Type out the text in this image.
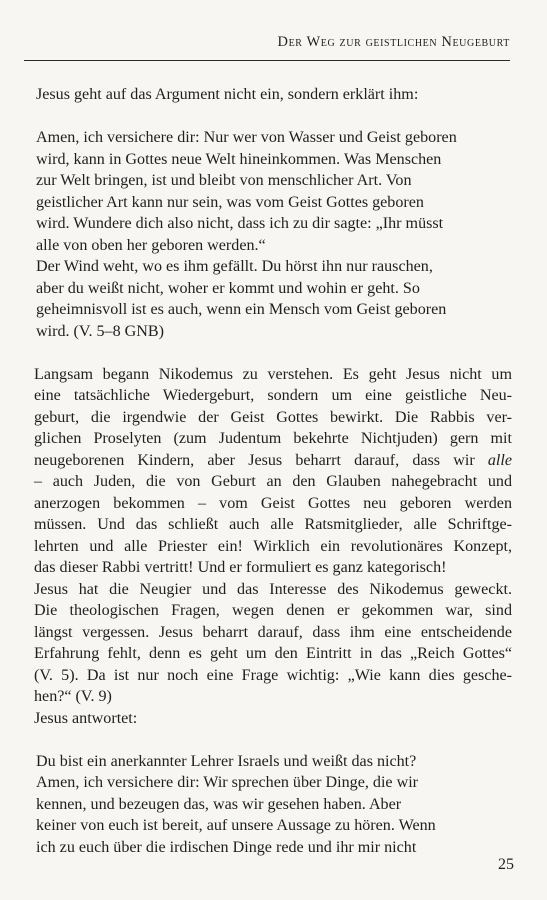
Der Weg zur geistlichen Neugeburt
Jesus geht auf das Argument nicht ein, sondern erklärt ihm:
Amen, ich versichere dir: Nur wer von Wasser und Geist geboren
wird, kann in Gottes neue Welt hineinkommen. Was Menschen
zur Welt bringen, ist und bleibt von menschlicher Art. Von
geistlicher Art kann nur sein, was vom Geist Gottes geboren
wird. Wundere dich also nicht, dass ich zu dir sagte: „Ihr müsst
alle von oben her geboren werden.“
Der Wind weht, wo es ihm gefällt. Du hörst ihn nur rauschen,
aber du weißt nicht, woher er kommt und wohin er geht. So
geheimnisvoll ist es auch, wenn ein Mensch vom Geist geboren
wird. (V. 5–8 GNB)
Langsam begann Nikodemus zu verstehen. Es geht Jesus nicht um
eine tatsächliche Wiedergeburt, sondern um eine geistliche Neu-
geburt, die irgendwie der Geist Gottes bewirkt. Die Rabbis ver-
glichen Proselyten (zum Judentum bekehrte Nichtjuden) gern mit
neugeborenen Kindern, aber Jesus beharrt darauf, dass wir alle
– auch Juden, die von Geburt an den Glauben nahegebracht und
anerzogen bekommen – vom Geist Gottes neu geboren werden
müssen. Und das schließt auch alle Ratsmitglieder, alle Schriftge-
lehrten und alle Priester ein! Wirklich ein revolutionäres Konzept,
das dieser Rabbi vertritt! Und er formuliert es ganz kategorisch!
Jesus hat die Neugier und das Interesse des Nikodemus geweckt.
Die theologischen Fragen, wegen denen er gekommen war, sind
längst vergessen. Jesus beharrt darauf, dass ihm eine entscheidende
Erfahrung fehlt, denn es geht um den Eintritt in das „Reich Gottes“
(V. 5). Da ist nur noch eine Frage wichtig: „Wie kann dies gesche-
hen?“ (V. 9)
Jesus antwortet:
Du bist ein anerkannter Lehrer Israels und weißt das nicht?
Amen, ich versichere dir: Wir sprechen über Dinge, die wir
kennen, und bezeugen das, was wir gesehen haben. Aber
keiner von euch ist bereit, auf unsere Aussage zu hören. Wenn
ich zu euch über die irdischen Dinge rede und ihr mir nicht
25
